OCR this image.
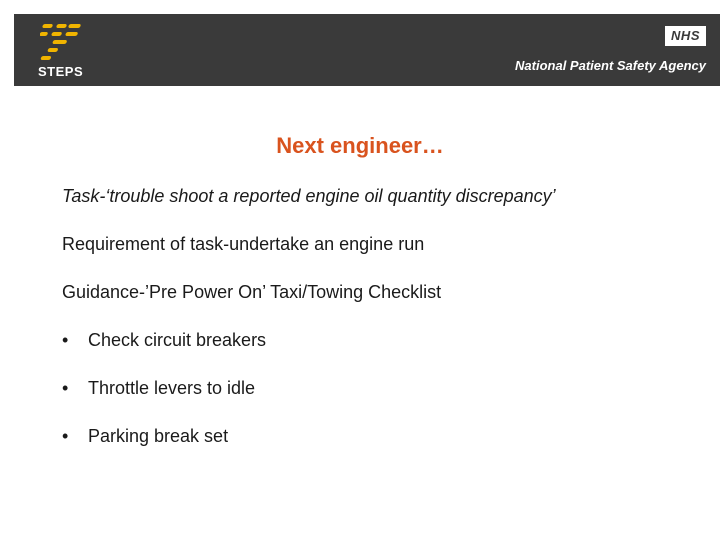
STEPS
NHS
National Patient Safety Agency
Next engineer…
Task-‘trouble shoot a reported engine oil quantity discrepancy’
Requirement of task-undertake an engine run
Guidance-’Pre Power On’ Taxi/Towing Checklist
• Check circuit breakers
• Throttle levers to idle
• Parking break set
